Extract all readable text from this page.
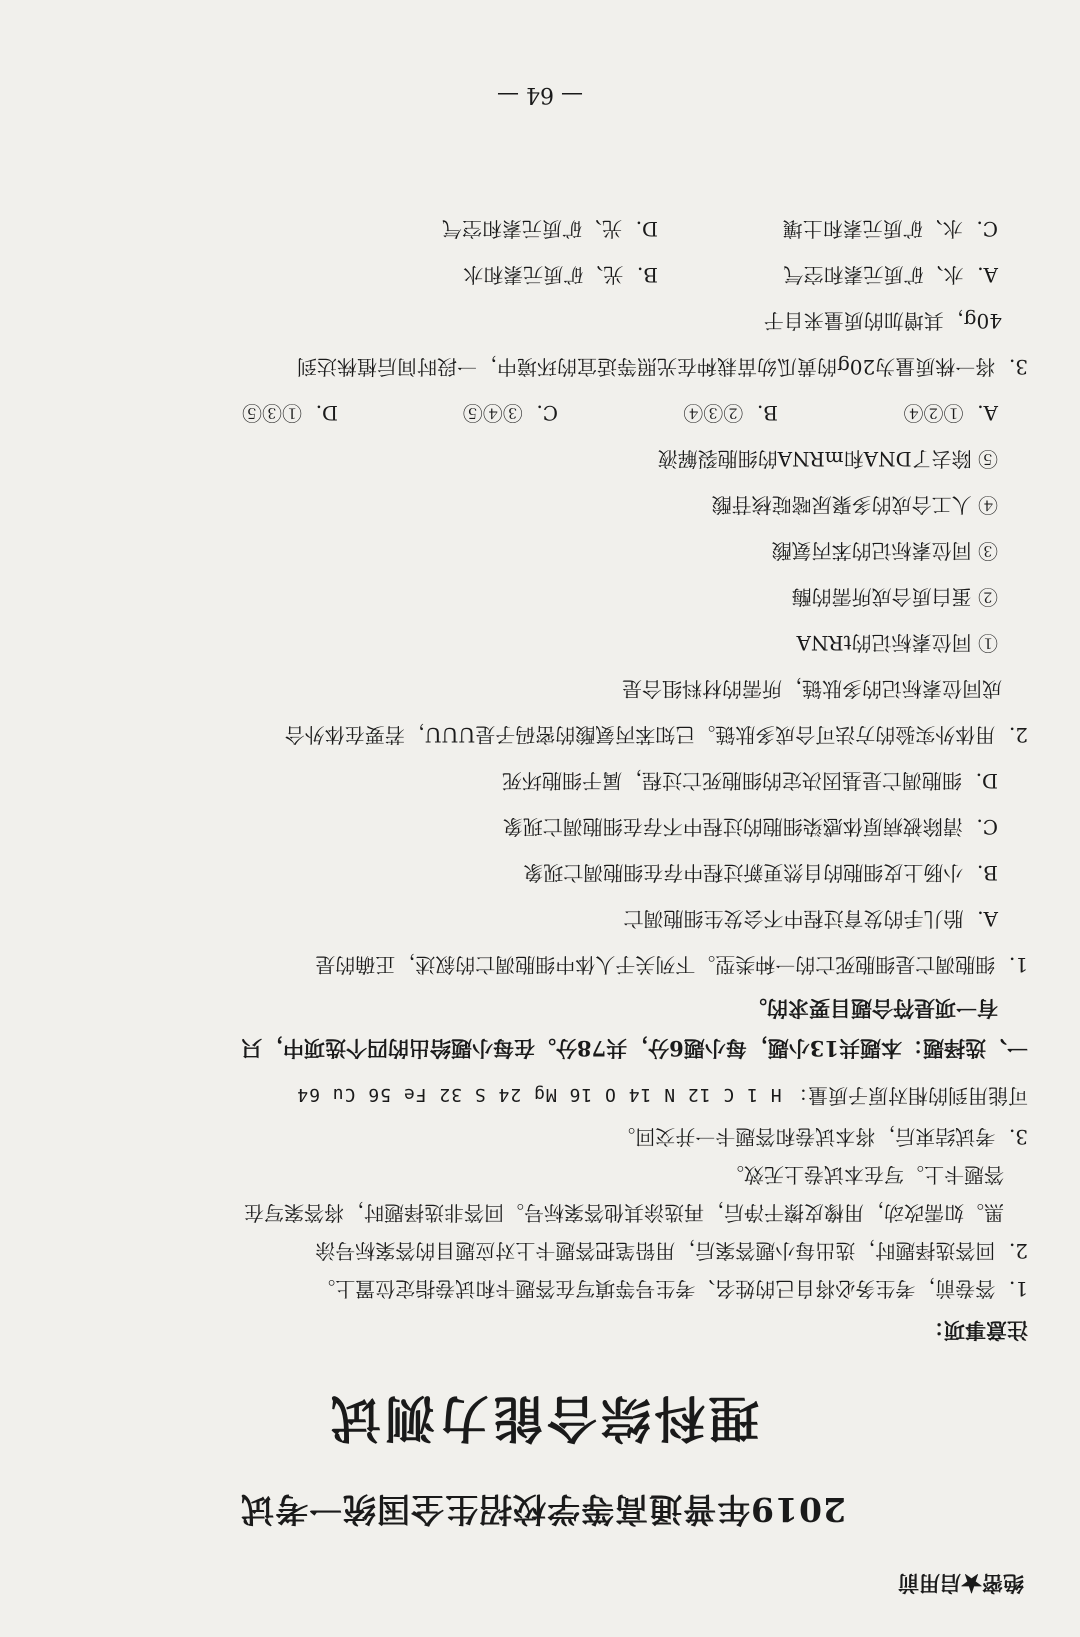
绝密★启用前
2019年普通高等学校招生全国统一考试
理科综合能力测试
注意事项：

1．答卷前，考生务必将自己的姓名、考生号等填写在答题卡和试卷指定位置上。

2．回答选择题时，选出每小题答案后，用铅笔把答题卡上对应题目的答案标号涂

黑。如需改动，用橡皮擦干净后，再选涂其他答案标号。回答非选择题时，将答案写在

答题卡上。写在本试卷上无效。

3．考试结束后，将本试卷和答题卡一并交回。

可能用到的相对原子质量： H 1 C 12 N 14 O 16 Mg 24 S 32 Fe 56 Cu 64
一、选择题：本题共13小题，每小题6分，共78分。在每小题给出的四个选项中，只
有一项是符合题目要求的。
1．细胞凋亡是细胞死亡的一种类型。下列关于人体中细胞凋亡的叙述，正确的是
A．胎儿手的发育过程中不会发生细胞凋亡
B．小肠上皮细胞的自然更新过程中存在细胞凋亡现象
C．清除被病原体感染细胞的过程中不存在细胞凋亡现象
D．细胞凋亡是基因决定的细胞死亡过程，属于细胞坏死
2．用体外实验的方法可合成多肽链。已知苯丙氨酸的密码子是UUU，若要在体外合
成同位素标记的多肽链，所需的材料组合是
① 同位素标记的tRNA
② 蛋白质合成所需的酶
③ 同位素标记的苯丙氨酸
④ 人工合成的多聚尿嘧啶核苷酸
⑤ 除去了DNA和mRNA的细胞裂解液
A．①②④
B．②③④
C．③④⑤
D．①③⑤
3．将一株质量为20g的黄瓜幼苗栽种在光照等适宜的环境中，一段时间后植株达到
40g，其增加的质量来自于
A．水、矿质元素和空气
B．光、矿质元素和水
C．水、矿质元素和土壤
D．光、矿质元素和空气
— 64 —
